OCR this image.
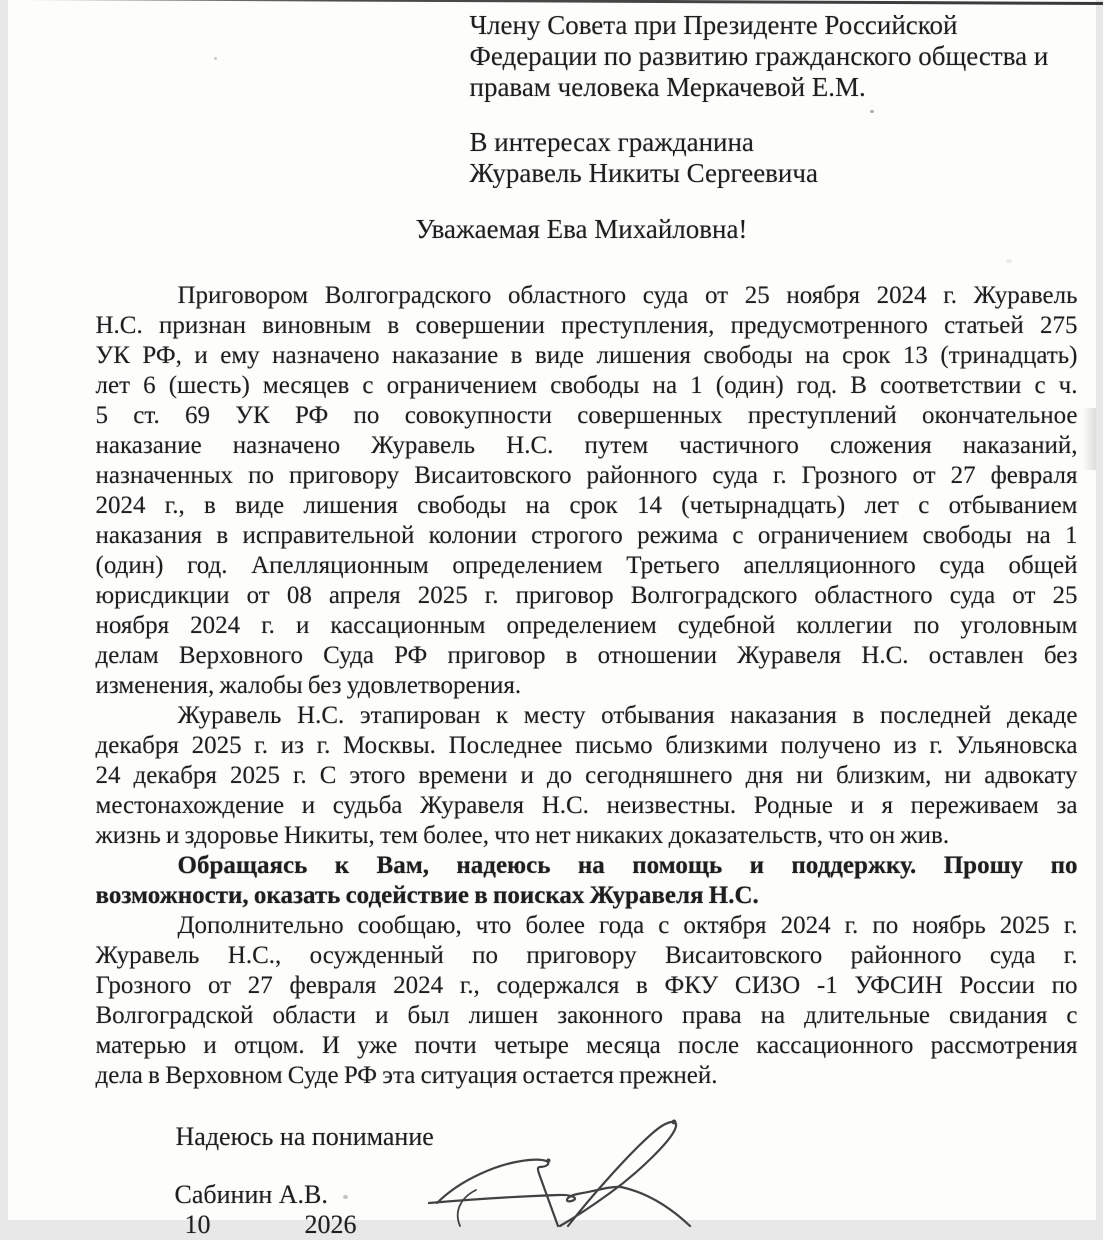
Члену Совета при Президенте Российской
Федерации по развитию гражданского общества и
правам человека Меркачевой Е.М.
В интересах гражданина
Журавель Никиты Сергеевича
Уважаемая Ева Михайловна!
Приговором Волгоградского областного суда от 25 ноября 2024 г. Журавель
Н.С. признан виновным в совершении преступления, предусмотренного статьей 275
УК РФ, и ему назначено наказание в виде лишения свободы на срок 13 (тринадцать)
лет 6 (шесть) месяцев с ограничением свободы на 1 (один) год. В соответствии с ч.
5 ст. 69 УК РФ по совокупности совершенных преступлений окончательное
наказание назначено Журавель Н.С. путем частичного сложения наказаний,
назначенных по приговору Висаитовского районного суда г. Грозного от 27 февраля
2024 г., в виде лишения свободы на срок 14 (четырнадцать) лет с отбыванием
наказания в исправительной колонии строгого режима с ограничением свободы на 1
(один) год. Апелляционным определением Третьего апелляционного суда общей
юрисдикции от 08 апреля 2025 г. приговор Волгоградского областного суда от 25
ноября 2024 г. и кассационным определением судебной коллегии по уголовным
делам Верховного Суда РФ приговор в отношении Журавеля Н.С. оставлен без
изменения, жалобы без удовлетворения.
Журавель Н.С. этапирован к месту отбывания наказания в последней декаде
декабря 2025 г. из г. Москвы. Последнее письмо близкими получено из г. Ульяновска
24 декабря 2025 г. С этого времени и до сегодняшнего дня ни близким, ни адвокату
местонахождение и судьба Журавеля Н.С. неизвестны. Родные и я переживаем за
жизнь и здоровье Никиты, тем более, что нет никаких доказательств, что он жив.
Обращаясь к Вам, надеюсь на помощь и поддержку. Прошу по
возможности, оказать содействие в поисках Журавеля Н.С.
Дополнительно сообщаю, что более года с октября 2024 г. по ноябрь 2025 г.
Журавель Н.С., осужденный по приговору Висаитовского районного суда г.
Грозного от 27 февраля 2024 г., содержался в ФКУ СИЗО -1 УФСИН России по
Волгоградской области и был лишен законного права на длительные свидания с
матерью и отцом. И уже почти четыре месяца после кассационного рассмотрения
дела в Верховном Суде РФ эта ситуация остается прежней.
Надеюсь на понимание
Сабинин А.В.
10	2026
